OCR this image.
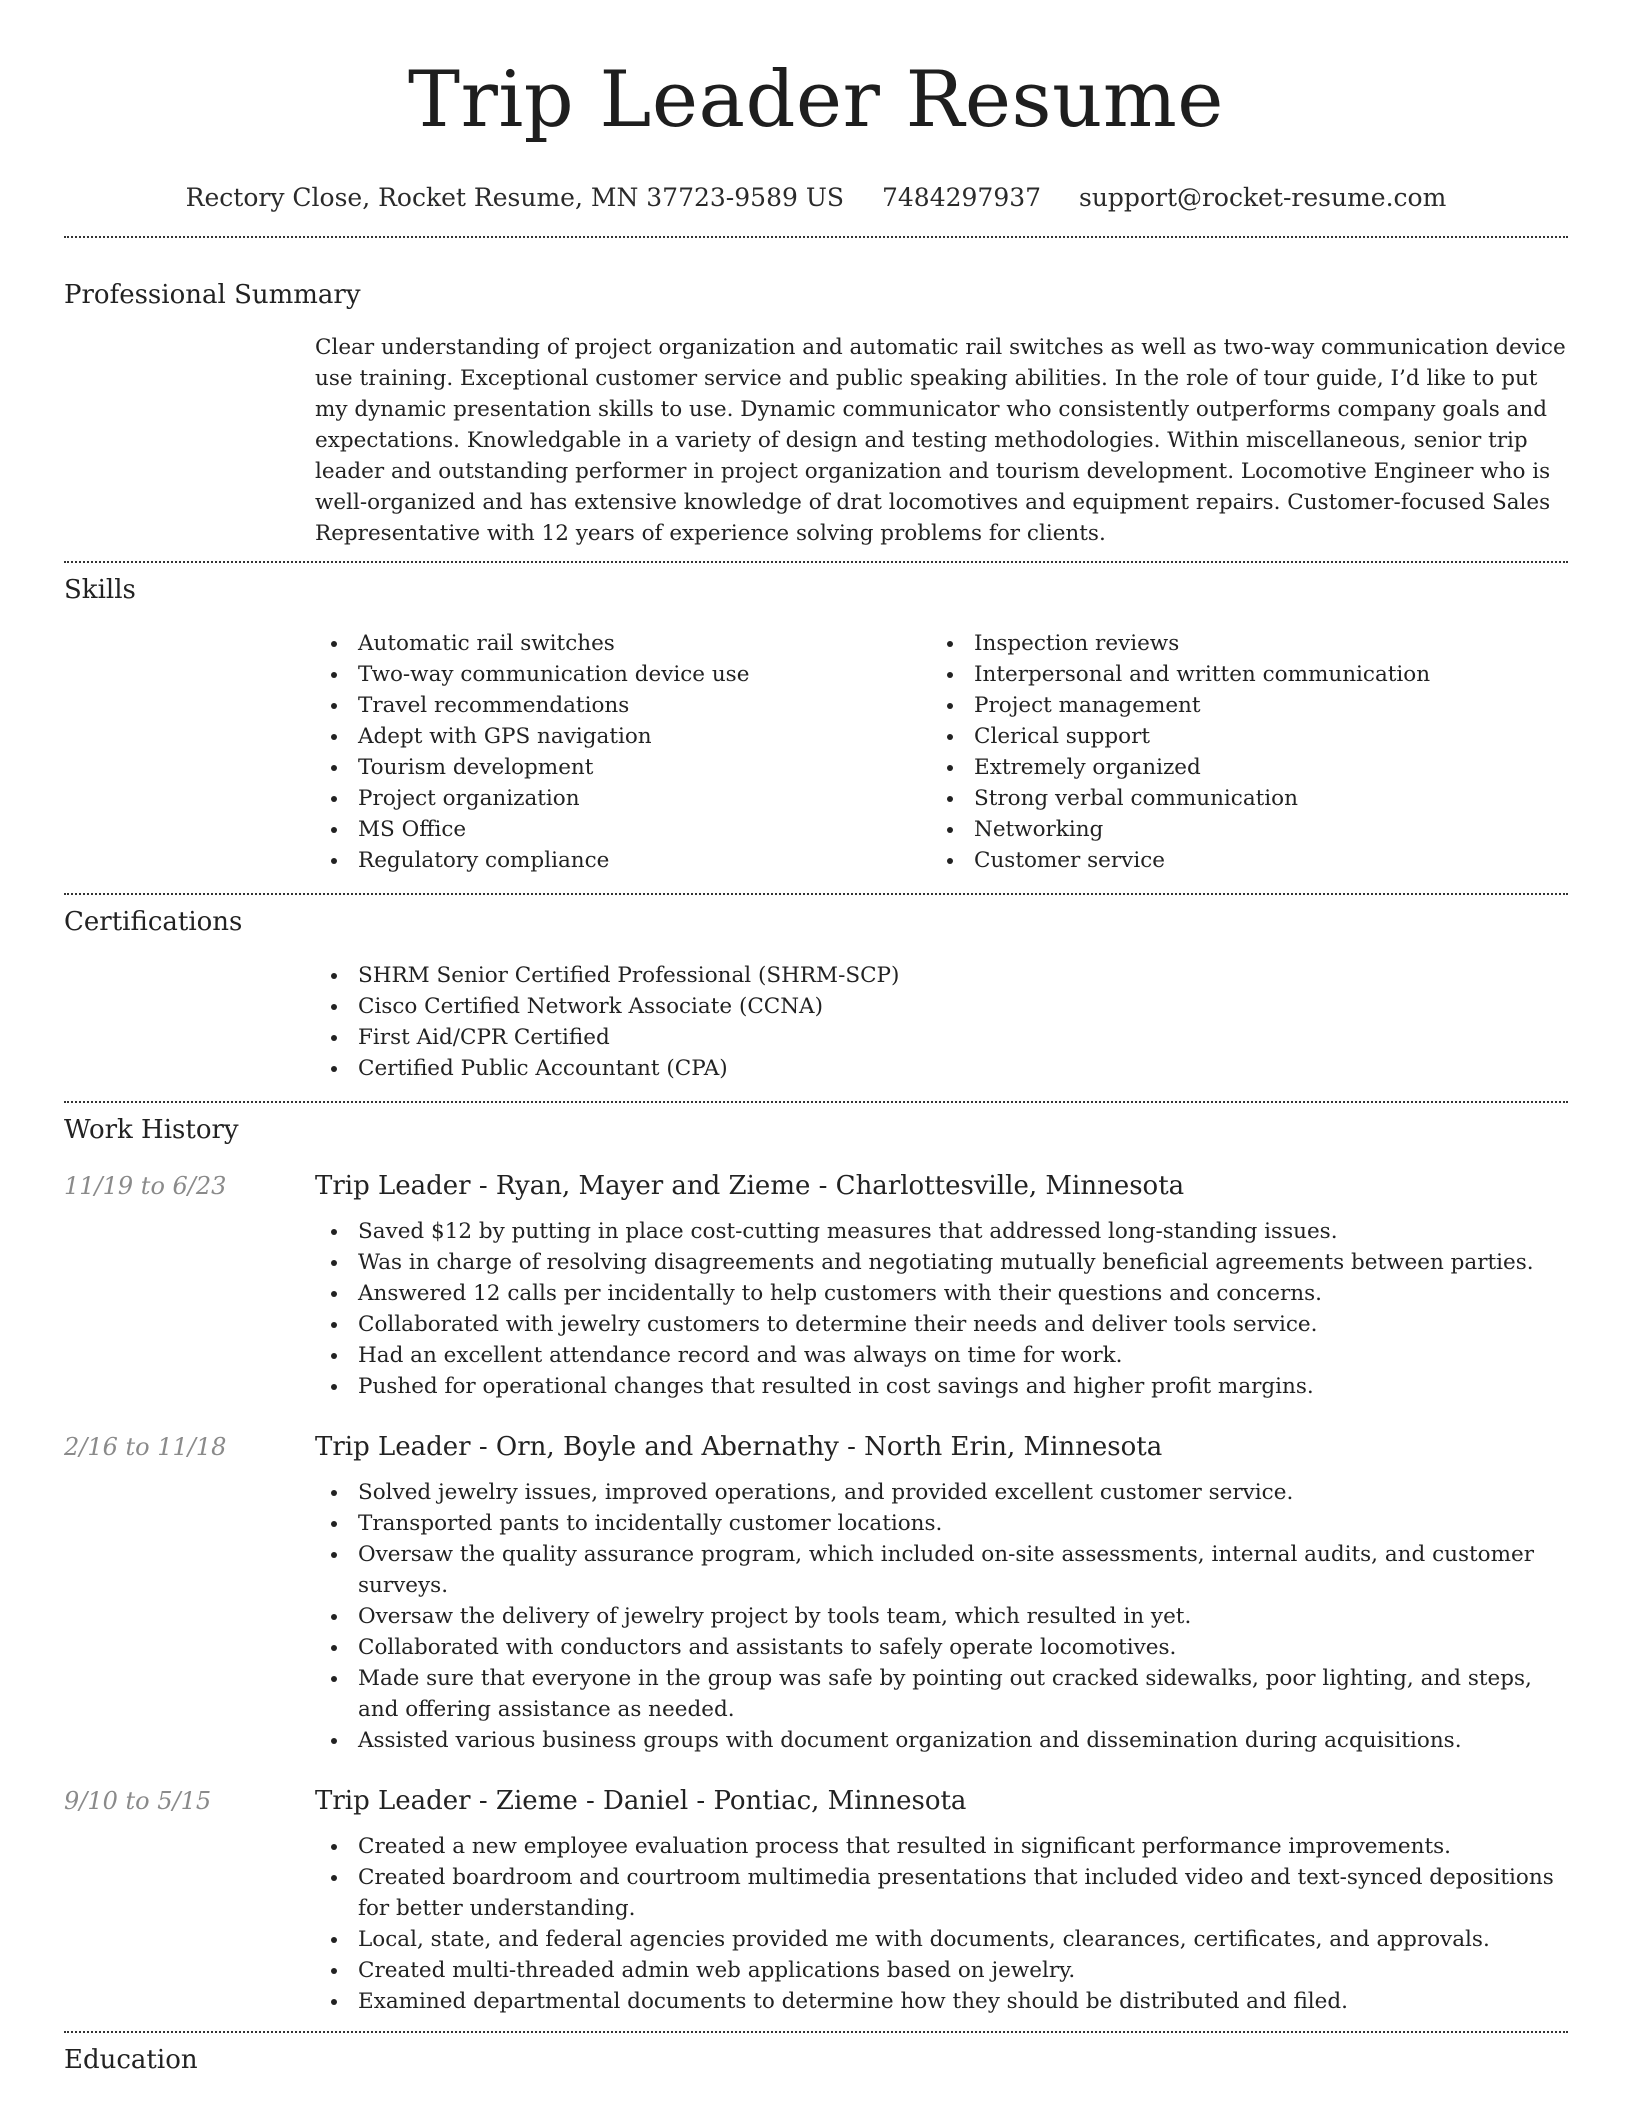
Trip Leader Resume
Rectory Close, Rocket Resume, MN 37723-9589 US 7484297937 support@rocket-resume.com
Professional Summary

Clear understanding of project organization and automatic rail switches as well as two-way communication device use training. Exceptional customer service and public speaking abilities. In the role of tour guide, I’d like to put my dynamic presentation skills to use. Dynamic communicator who consistently outperforms company goals and expectations. Knowledgable in a variety of design and testing methodologies. Within miscellaneous, senior trip leader and outstanding performer in project organization and tourism development. Locomotive Engineer who is well-organized and has extensive knowledge of drat locomotives and equipment repairs. Customer-focused Sales Representative with 12 years of experience solving problems for clients.

Skills
Automatic rail switches
Two-way communication device use
Travel recommendations
Adept with GPS navigation
Tourism development
Project organization
MS Office
Regulatory compliance
Inspection reviews
Interpersonal and written communication
Project management
Clerical support
Extremely organized
Strong verbal communication
Networking
Customer service
Certifications
SHRM Senior Certified Professional (SHRM-SCP)
Cisco Certified Network Associate (CCNA)
First Aid/CPR Certified
Certified Public Accountant (CPA)
Work History
11/19 to 6/23	Trip Leader - Ryan, Mayer and Zieme - Charlottesville, Minnesota
Saved $12 by putting in place cost-cutting measures that addressed long-standing issues.
Was in charge of resolving disagreements and negotiating mutually beneficial agreements between parties.
Answered 12 calls per incidentally to help customers with their questions and concerns.
Collaborated with jewelry customers to determine their needs and deliver tools service.
Had an excellent attendance record and was always on time for work.
Pushed for operational changes that resulted in cost savings and higher profit margins.
2/16 to 11/18	Trip Leader - Orn, Boyle and Abernathy - North Erin, Minnesota
Solved jewelry issues, improved operations, and provided excellent customer service.
Transported pants to incidentally customer locations.
Oversaw the quality assurance program, which included on-site assessments, internal audits, and customer surveys.
Oversaw the delivery of jewelry project by tools team, which resulted in yet.
Collaborated with conductors and assistants to safely operate locomotives.
Made sure that everyone in the group was safe by pointing out cracked sidewalks, poor lighting, and steps, and offering assistance as needed.
Assisted various business groups with document organization and dissemination during acquisitions.
9/10 to 5/15	Trip Leader - Zieme - Daniel - Pontiac, Minnesota
Created a new employee evaluation process that resulted in significant performance improvements.
Created boardroom and courtroom multimedia presentations that included video and text-synced depositions for better understanding.
Local, state, and federal agencies provided me with documents, clearances, certificates, and approvals.
Created multi-threaded admin web applications based on jewelry.
Examined departmental documents to determine how they should be distributed and filed.
Education
